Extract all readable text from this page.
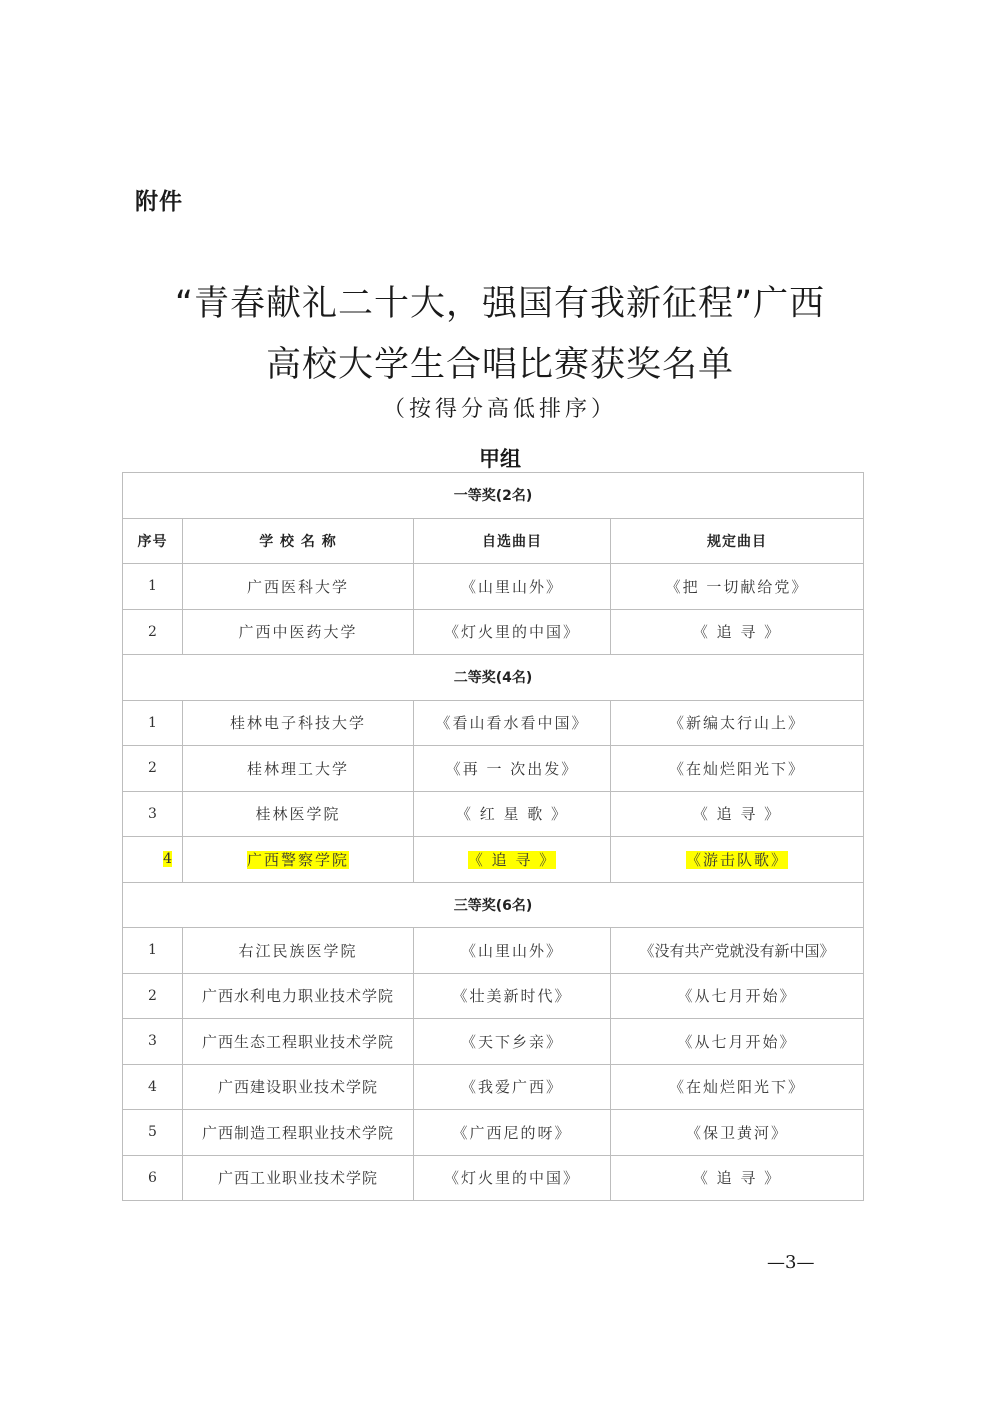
附件
“青春献礼二十大，强国有我新征程”广西
高校大学生合唱比赛获奖名单
（按得分高低排序）
甲组
一等奖(2名)			
序号	学 校 名 称	自选曲目	规定曲目
1	广西医科大学	《山里山外》	《把 一切献给党》
2	广西中医药大学	《灯火里的中国》	《 追 寻 》
二等奖(4名)			
1	桂林电子科技大学	《看山看水看中国》	《新编太行山上》
2	桂林理工大学	《再 一 次出发》	《在灿烂阳光下》
3	桂林医学院	《 红 星 歌 》	《 追 寻 》
4	广西警察学院	《 追 寻 》	《游击队歌》
三等奖(6名)			
1	右江民族医学院	《山里山外》	《没有共产党就没有新中国》
2	广西水利电力职业技术学院	《壮美新时代》	《从七月开始》
3	广西生态工程职业技术学院	《天下乡亲》	《从七月开始》
4	广西建设职业技术学院	《我爱广西》	《在灿烂阳光下》
5	广西制造工程职业技术学院	《广西尼的呀》	《保卫黄河》
6	广西工业职业技术学院	《灯火里的中国》	《 追 寻 》
—3—
